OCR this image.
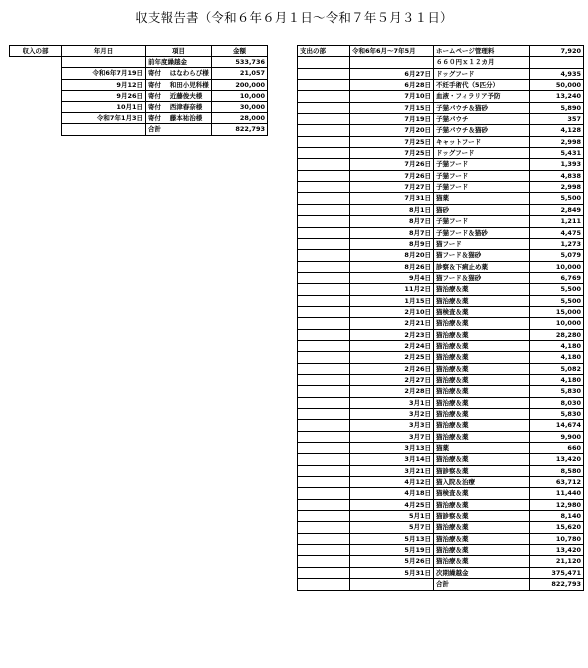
収支報告書（令和６年６月１日～令和７年５月３１日）
収入の部	年月日	項目	金額
		前年度繰越金	533,736
	令和6年7月19日	寄付　 はなわらび様	21,057
	9月12日	寄付　 和田小児科様	200,000
	9月26日	寄付　 近藤俊夫様	10,000
	10月1日	寄付　 西津春奈様	30,000
	令和7年1月3日	寄付　 藤本祐治様	28,000
		合計	822,793
支出の部	令和6年6月～7年5月	ホームページ管理料	7,920
		６６０円ｘ１２カ月	
	6月27日	ドッグフード	4,935
	6月28日	不妊手術代（5匹分）	50,000
	7月10日	血液・フィラリア予防	13,240
	7月15日	子猫パウチ＆猫砂	5,890
	7月19日	子猫パウチ	357
	7月20日	子猫パウチ＆猫砂	4,128
	7月25日	キャットフード	2,998
	7月25日	ドッグフード	5,431
	7月26日	子猫フード	1,393
	7月26日	子猫フード	4,838
	7月27日	子猫フード	2,998
	7月31日	猫薬	5,500
	8月1日	猫砂	2,849
	8月7日	子猫フード	1,211
	8月7日	子猫フード＆猫砂	4,475
	8月9日	猫フード	1,273
	8月20日	猫フード＆猫砂	5,079
	8月26日	診察＆下痢止め薬	10,000
	9月4日	猫フード＆猫砂	6,769
	11月2日	猫治療＆薬	5,500
	1月15日	猫治療＆薬	5,500
	2月10日	猫検査＆薬	15,000
	2月21日	猫治療＆薬	10,000
	2月23日	猫治療＆薬	28,280
	2月24日	猫治療＆薬	4,180
	2月25日	猫治療＆薬	4,180
	2月26日	猫治療＆薬	5,082
	2月27日	猫治療＆薬	4,180
	2月28日	猫治療＆薬	5,830
	3月1日	猫治療＆薬	8,030
	3月2日	猫治療＆薬	5,830
	3月3日	猫治療＆薬	14,674
	3月7日	猫治療＆薬	9,900
	3月13日	猫薬	660
	3月14日	猫治療＆薬	13,420
	3月21日	猫診察＆薬	8,580
	4月12日	猫入院＆治療	63,712
	4月18日	猫検査＆薬	11,440
	4月25日	猫治療＆薬	12,980
	5月1日	猫診察＆薬	8,140
	5月7日	猫治療＆薬	15,620
	5月13日	猫治療＆薬	10,780
	5月19日	猫治療＆薬	13,420
	5月26日	猫治療＆薬	21,120
	5月31日	次期繰越金	375,471
		合計	822,793
